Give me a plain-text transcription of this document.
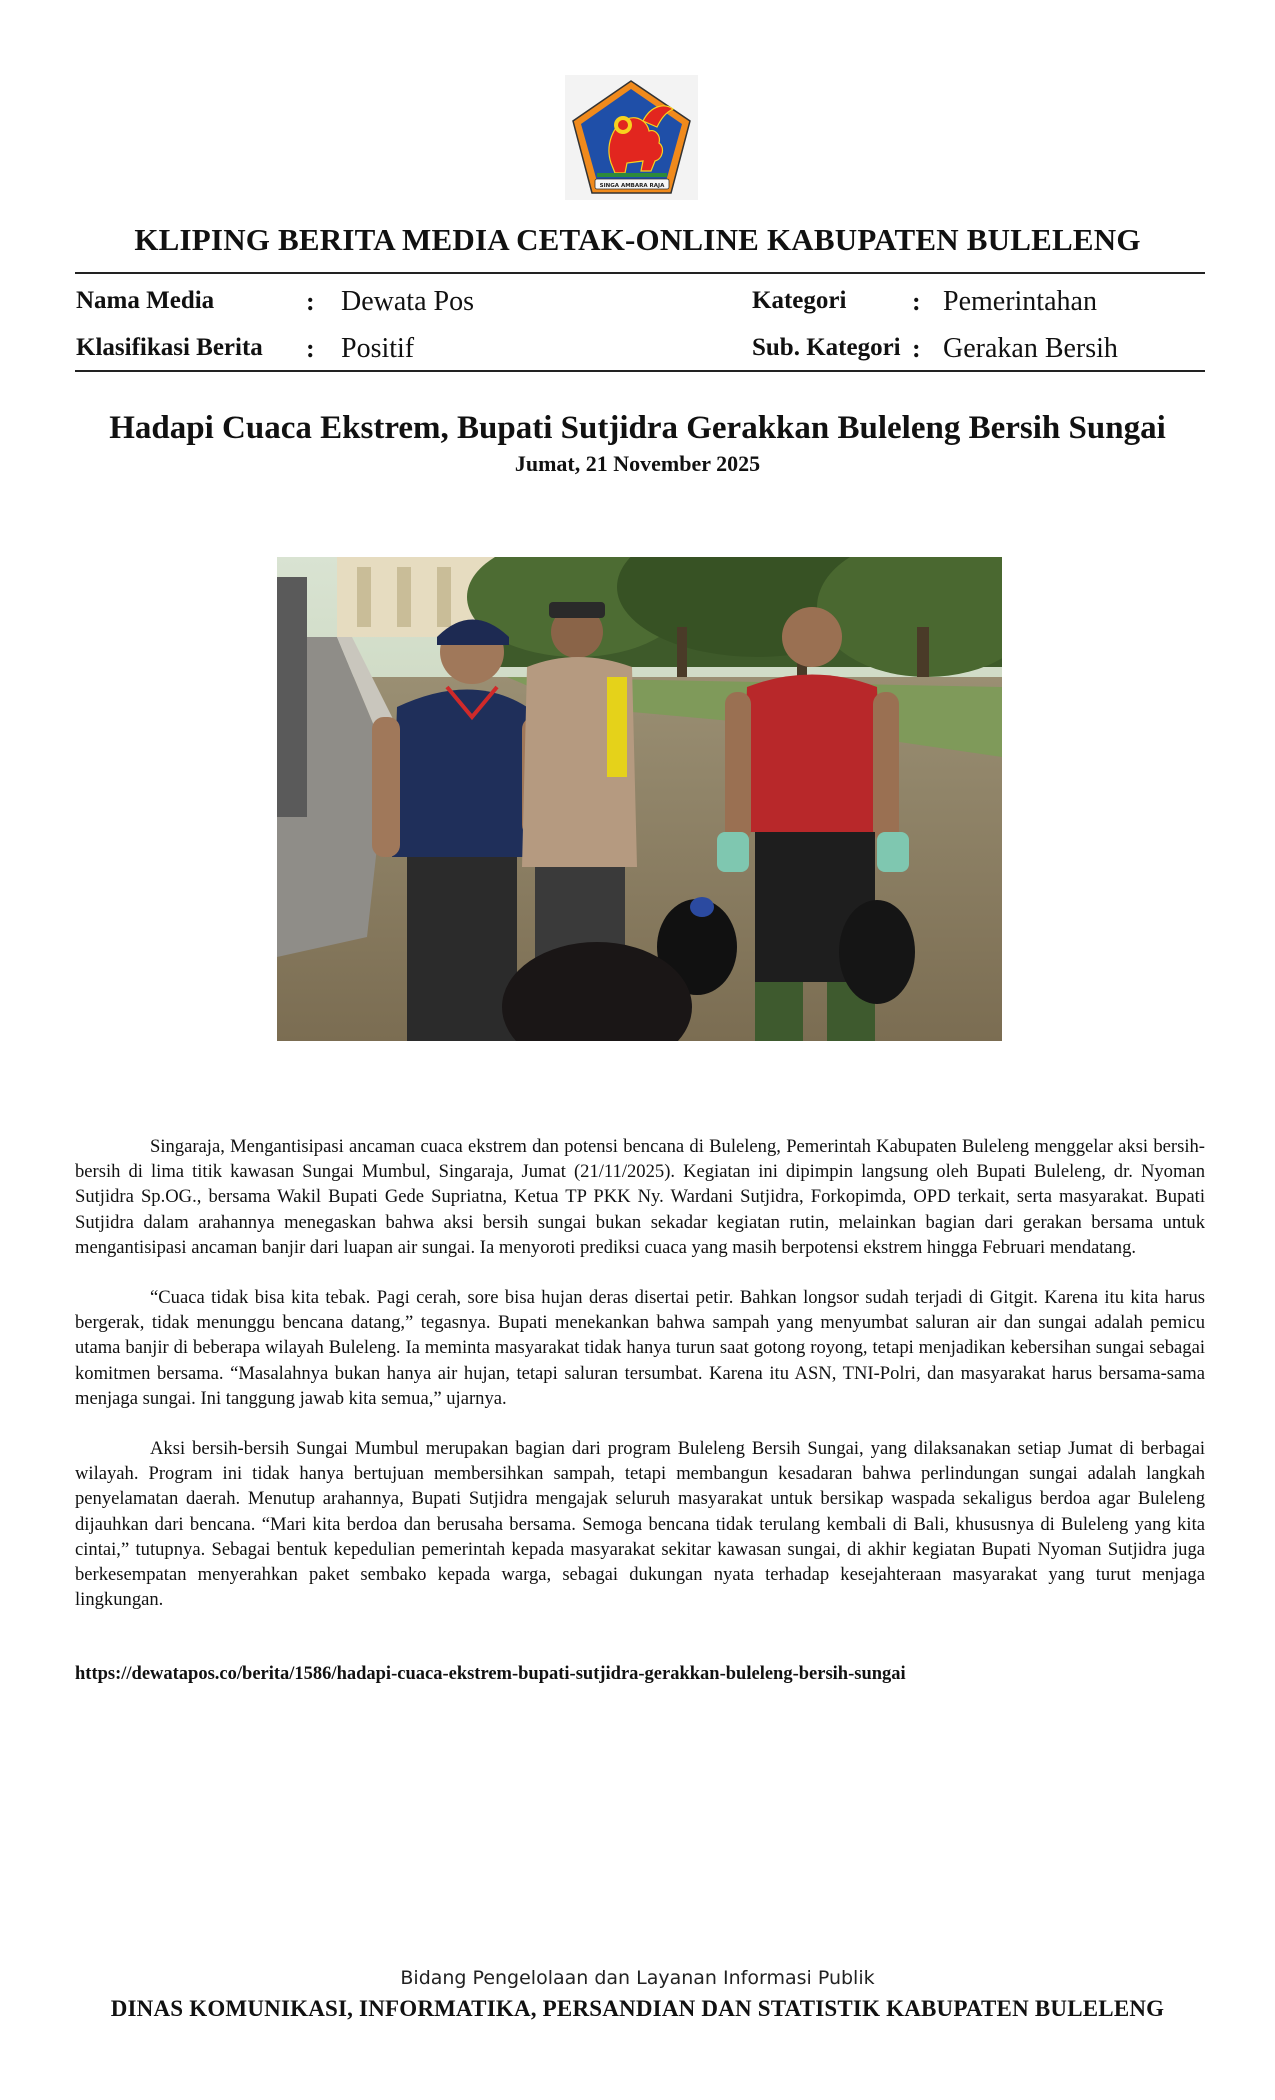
SINGA AMBARA RAJA
KLIPING BERITA MEDIA CETAK-ONLINE KABUPATEN BULELENG
Nama Media	: Dewata Pos
Klasifikasi Berita : Positif
Kategori	: Pemerintahan
Sub. Kategori : Gerakan Bersih
Hadapi Cuaca Ekstrem, Bupati Sutjidra Gerakkan Buleleng Bersih Sungai
Jumat, 21 November 2025

Singaraja, Mengantisipasi ancaman cuaca ekstrem dan potensi bencana di Buleleng, Pemerintah Kabupaten Buleleng menggelar aksi bersih-bersih di lima titik kawasan Sungai Mumbul, Singaraja, Jumat (21/11/2025). Kegiatan ini dipimpin langsung oleh Bupati Buleleng, dr. Nyoman Sutjidra Sp.OG., bersama Wakil Bupati Gede Supriatna, Ketua TP PKK Ny. Wardani Sutjidra, Forkopimda, OPD terkait, serta masyarakat. Bupati Sutjidra dalam arahannya menegaskan bahwa aksi bersih sungai bukan sekadar kegiatan rutin, melainkan bagian dari gerakan bersama untuk mengantisipasi ancaman banjir dari luapan air sungai. Ia menyoroti prediksi cuaca yang masih berpotensi ekstrem hingga Februari mendatang.

“Cuaca tidak bisa kita tebak. Pagi cerah, sore bisa hujan deras disertai petir. Bahkan longsor sudah terjadi di Gitgit. Karena itu kita harus bergerak, tidak menunggu bencana datang,” tegasnya. Bupati menekankan bahwa sampah yang menyumbat saluran air dan sungai adalah pemicu utama banjir di beberapa wilayah Buleleng. Ia meminta masyarakat tidak hanya turun saat gotong royong, tetapi menjadikan kebersihan sungai sebagai komitmen bersama. “Masalahnya bukan hanya air hujan, tetapi saluran tersumbat. Karena itu ASN, TNI-Polri, dan masyarakat harus bersama-sama menjaga sungai. Ini tanggung jawab kita semua,” ujarnya.

Aksi bersih-bersih Sungai Mumbul merupakan bagian dari program Buleleng Bersih Sungai, yang dilaksanakan setiap Jumat di berbagai wilayah. Program ini tidak hanya bertujuan membersihkan sampah, tetapi membangun kesadaran bahwa perlindungan sungai adalah langkah penyelamatan daerah. Menutup arahannya, Bupati Sutjidra mengajak seluruh masyarakat untuk bersikap waspada sekaligus berdoa agar Buleleng dijauhkan dari bencana. “Mari kita berdoa dan berusaha bersama. Semoga bencana tidak terulang kembali di Bali, khususnya di Buleleng yang kita cintai,” tutupnya. Sebagai bentuk kepedulian pemerintah kepada masyarakat sekitar kawasan sungai, di akhir kegiatan Bupati Nyoman Sutjidra juga berkesempatan menyerahkan paket sembako kepada warga, sebagai dukungan nyata terhadap kesejahteraan masyarakat yang turut menjaga lingkungan.

https://dewatapos.co/berita/1586/hadapi-cuaca-ekstrem-bupati-sutjidra-gerakkan-buleleng-bersih-sungai
Bidang Pengelolaan dan Layanan Informasi Publik
DINAS KOMUNIKASI, INFORMATIKA, PERSANDIAN DAN STATISTIK KABUPATEN BULELENG
